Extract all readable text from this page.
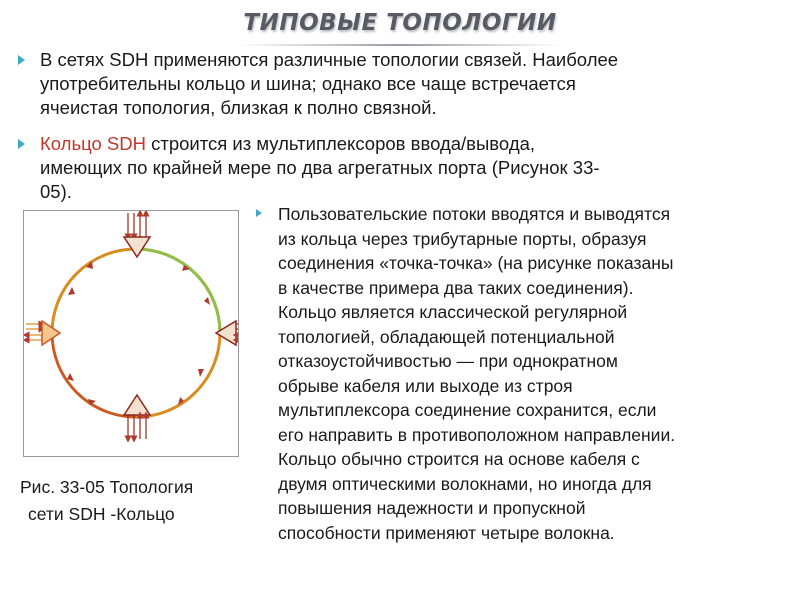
ТИПОВЫЕ ТОПОЛОГИИ
В сетях SDH применяются различные топологии связей. Наиболее
употребительны кольцо и шина; однако все чаще встречается
ячеистая топология, близкая к полно связной.
Кольцо SDH строится из мультиплексоров ввода/вывода,
имеющих по крайней мере по два агрегатных порта (Рисунок 33-
05).
Рис. 33-05 Топология
сети SDH -Кольцо
Пользовательские потоки вводятся и выводятся
из кольца через трибутарные порты, образуя
соединения «точка-точка» (на рисунке показаны
в качестве примера два таких соединения).
Кольцо является классической регулярной
топологией, обладающей потенциальной
отказоустойчивостью — при однократном
обрыве кабеля или выходе из строя
мультиплексора соединение сохранится, если
его направить в противоположном направлении.
Кольцо обычно строится на основе кабеля с
двумя оптическими волокнами, но иногда для
повышения надежности и пропускной
способности применяют четыре волокна.
